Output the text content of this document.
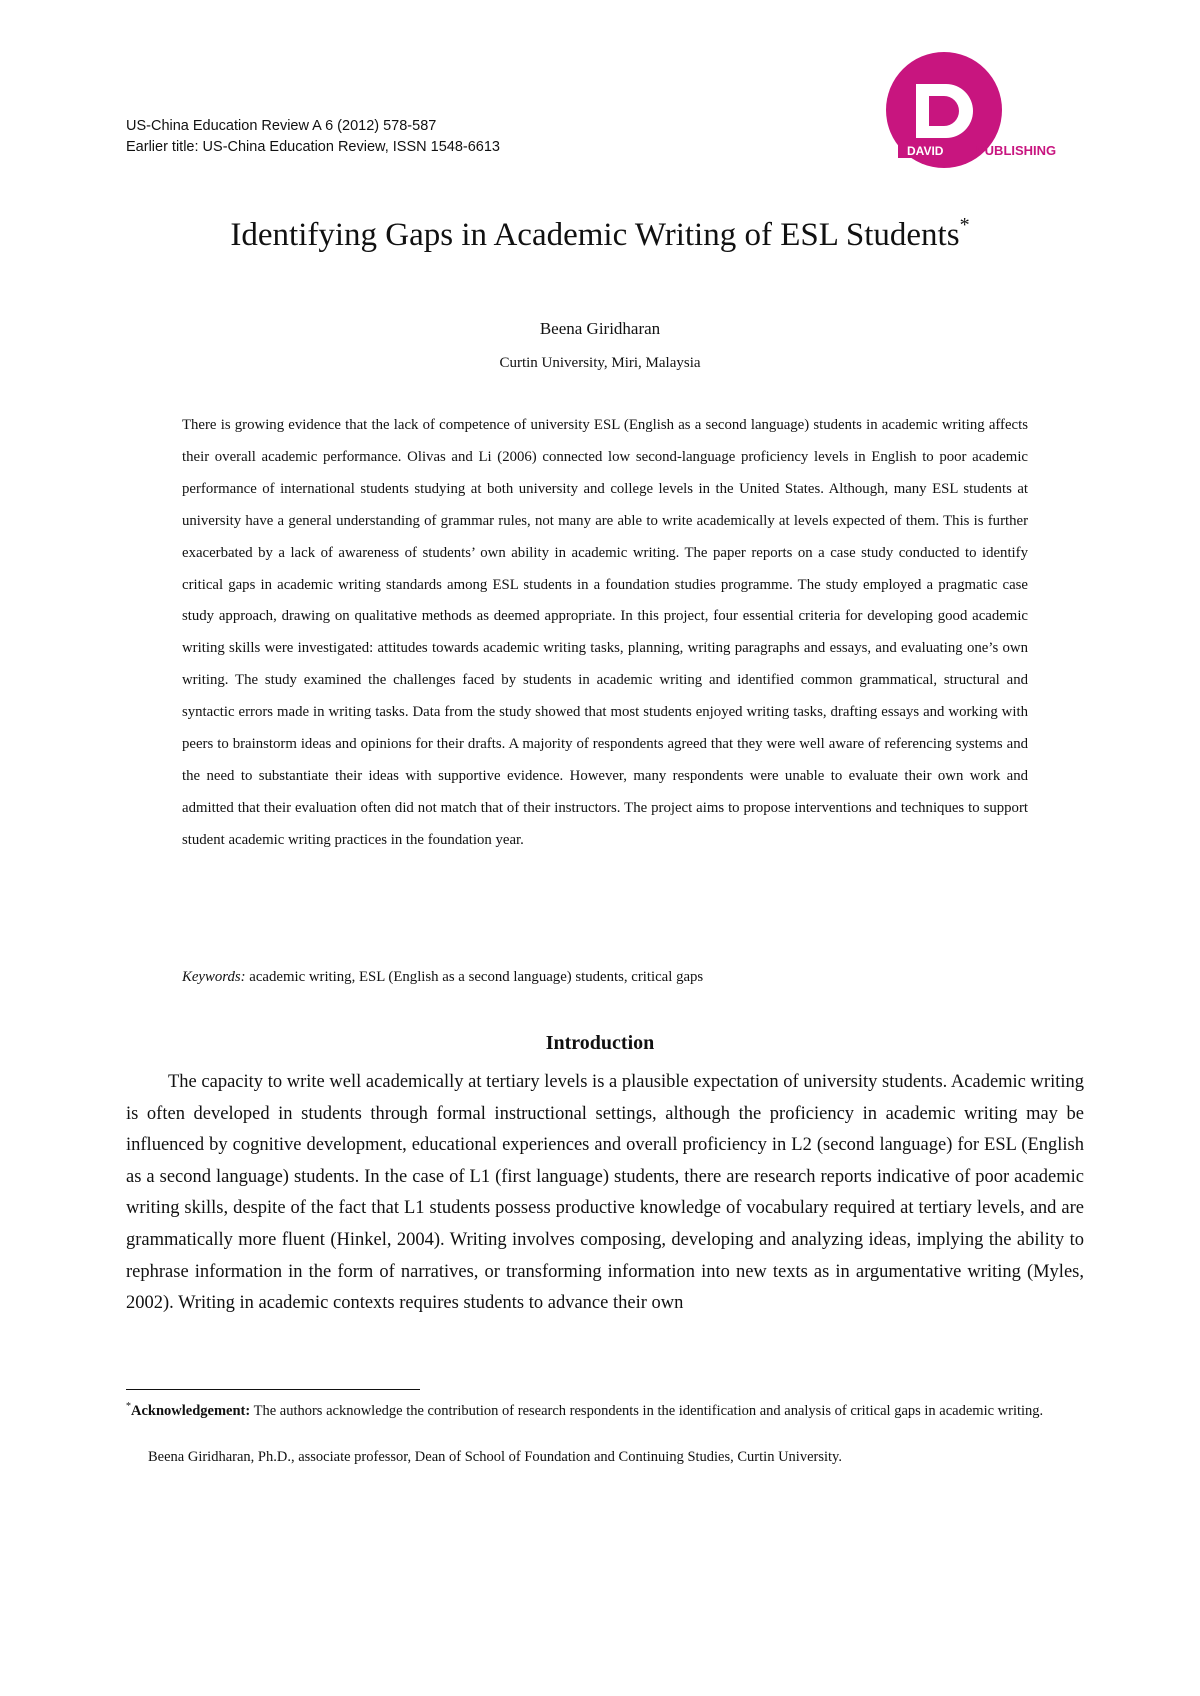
US-China Education Review A 6 (2012) 578-587
Earlier title: US-China Education Review, ISSN 1548-6613	DAVID	PUBLISHING
Identifying Gaps in Academic Writing of ESL Students*
Beena Giridharan
Curtin University, Miri, Malaysia

There is growing evidence that the lack of competence of university ESL (English as a second language) students in academic writing affects their overall academic performance. Olivas and Li (2006) connected low second-language proficiency levels in English to poor academic performance of international students studying at both university and college levels in the United States. Although, many ESL students at university have a general understanding of grammar rules, not many are able to write academically at levels expected of them. This is further exacerbated by a lack of awareness of students’ own ability in academic writing. The paper reports on a case study conducted to identify critical gaps in academic writing standards among ESL students in a foundation studies programme. The study employed a pragmatic case study approach, drawing on qualitative methods as deemed appropriate. In this project, four essential criteria for developing good academic writing skills were investigated: attitudes towards academic writing tasks, planning, writing paragraphs and essays, and evaluating one’s own writing. The study examined the challenges faced by students in academic writing and identified common grammatical, structural and syntactic errors made in writing tasks. Data from the study showed that most students enjoyed writing tasks, drafting essays and working with peers to brainstorm ideas and opinions for their drafts. A majority of respondents agreed that they were well aware of referencing systems and the need to substantiate their ideas with supportive evidence. However, many respondents were unable to evaluate their own work and admitted that their evaluation often did not match that of their instructors. The project aims to propose interventions and techniques to support student academic writing practices in the foundation year.

Keywords: academic writing, ESL (English as a second language) students, critical gaps

Introduction

The capacity to write well academically at tertiary levels is a plausible expectation of university students. Academic writing is often developed in students through formal instructional settings, although the proficiency in academic writing may be influenced by cognitive development, educational experiences and overall proficiency in L2 (second language) for ESL (English as a second language) students. In the case of L1 (first language) students, there are research reports indicative of poor academic writing skills, despite of the fact that L1 students possess productive knowledge of vocabulary required at tertiary levels, and are grammatically more fluent (Hinkel, 2004). Writing involves composing, developing and analyzing ideas, implying the ability to rephrase information in the form of narratives, or transforming information into new texts as in argumentative writing (Myles, 2002). Writing in academic contexts requires students to advance their own

*Acknowledgement: The authors acknowledge the contribution of research respondents in the identification and analysis of critical gaps in academic writing.

Beena Giridharan, Ph.D., associate professor, Dean of School of Foundation and Continuing Studies, Curtin University.
